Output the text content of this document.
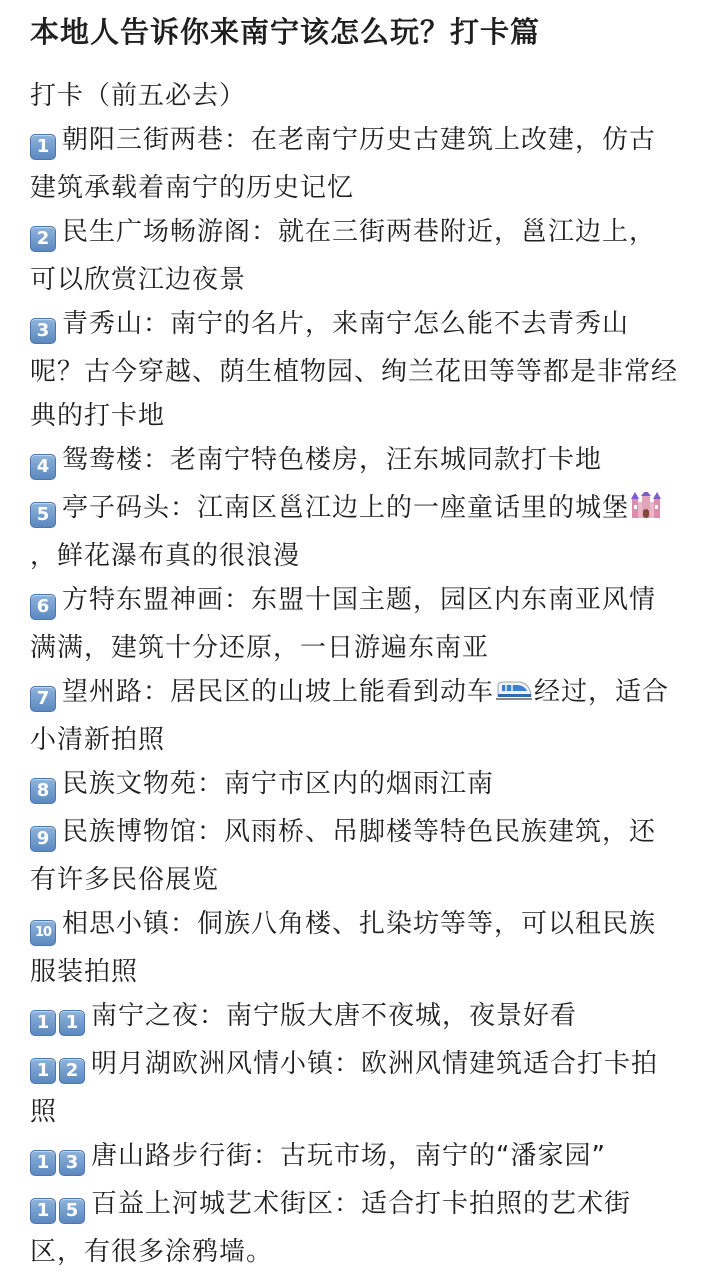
本地人告诉你来南宁该怎么玩？打卡篇
打卡（前五必去）
1 朝阳三街两巷：在老南宁历史古建筑上改建，仿古建筑承载着南宁的历史记忆
2 民生广场畅游阁：就在三街两巷附近，邕江边上，可以欣赏江边夜景
3 青秀山：南宁的名片，来南宁怎么能不去青秀山呢？古今穿越、荫生植物园、绚兰花田等等都是非常经典的打卡地
4 鸳鸯楼：老南宁特色楼房，汪东城同款打卡地
5 亭子码头：江南区邕江边上的一座童话里的城堡，鲜花瀑布真的很浪漫
6 方特东盟神画：东盟十国主题，园区内东南亚风情满满，建筑十分还原，一日游遍东南亚
7 望州路：居民区的山坡上能看到动车 经过，适合小清新拍照
8 民族文物苑：南宁市区内的烟雨江南
9 民族博物馆：风雨桥、吊脚楼等特色民族建筑，还有许多民俗展览
10 相思小镇：侗族八角楼、扎染坊等等，可以租民族服装拍照
1 1 南宁之夜：南宁版大唐不夜城，夜景好看
1 2 明月湖欧洲风情小镇：欧洲风情建筑适合打卡拍照
1 3 唐山路步行街：古玩市场，南宁的“潘家园”
1 5 百益上河城艺术街区：适合打卡拍照的艺术街区，有很多涂鸦墙。
